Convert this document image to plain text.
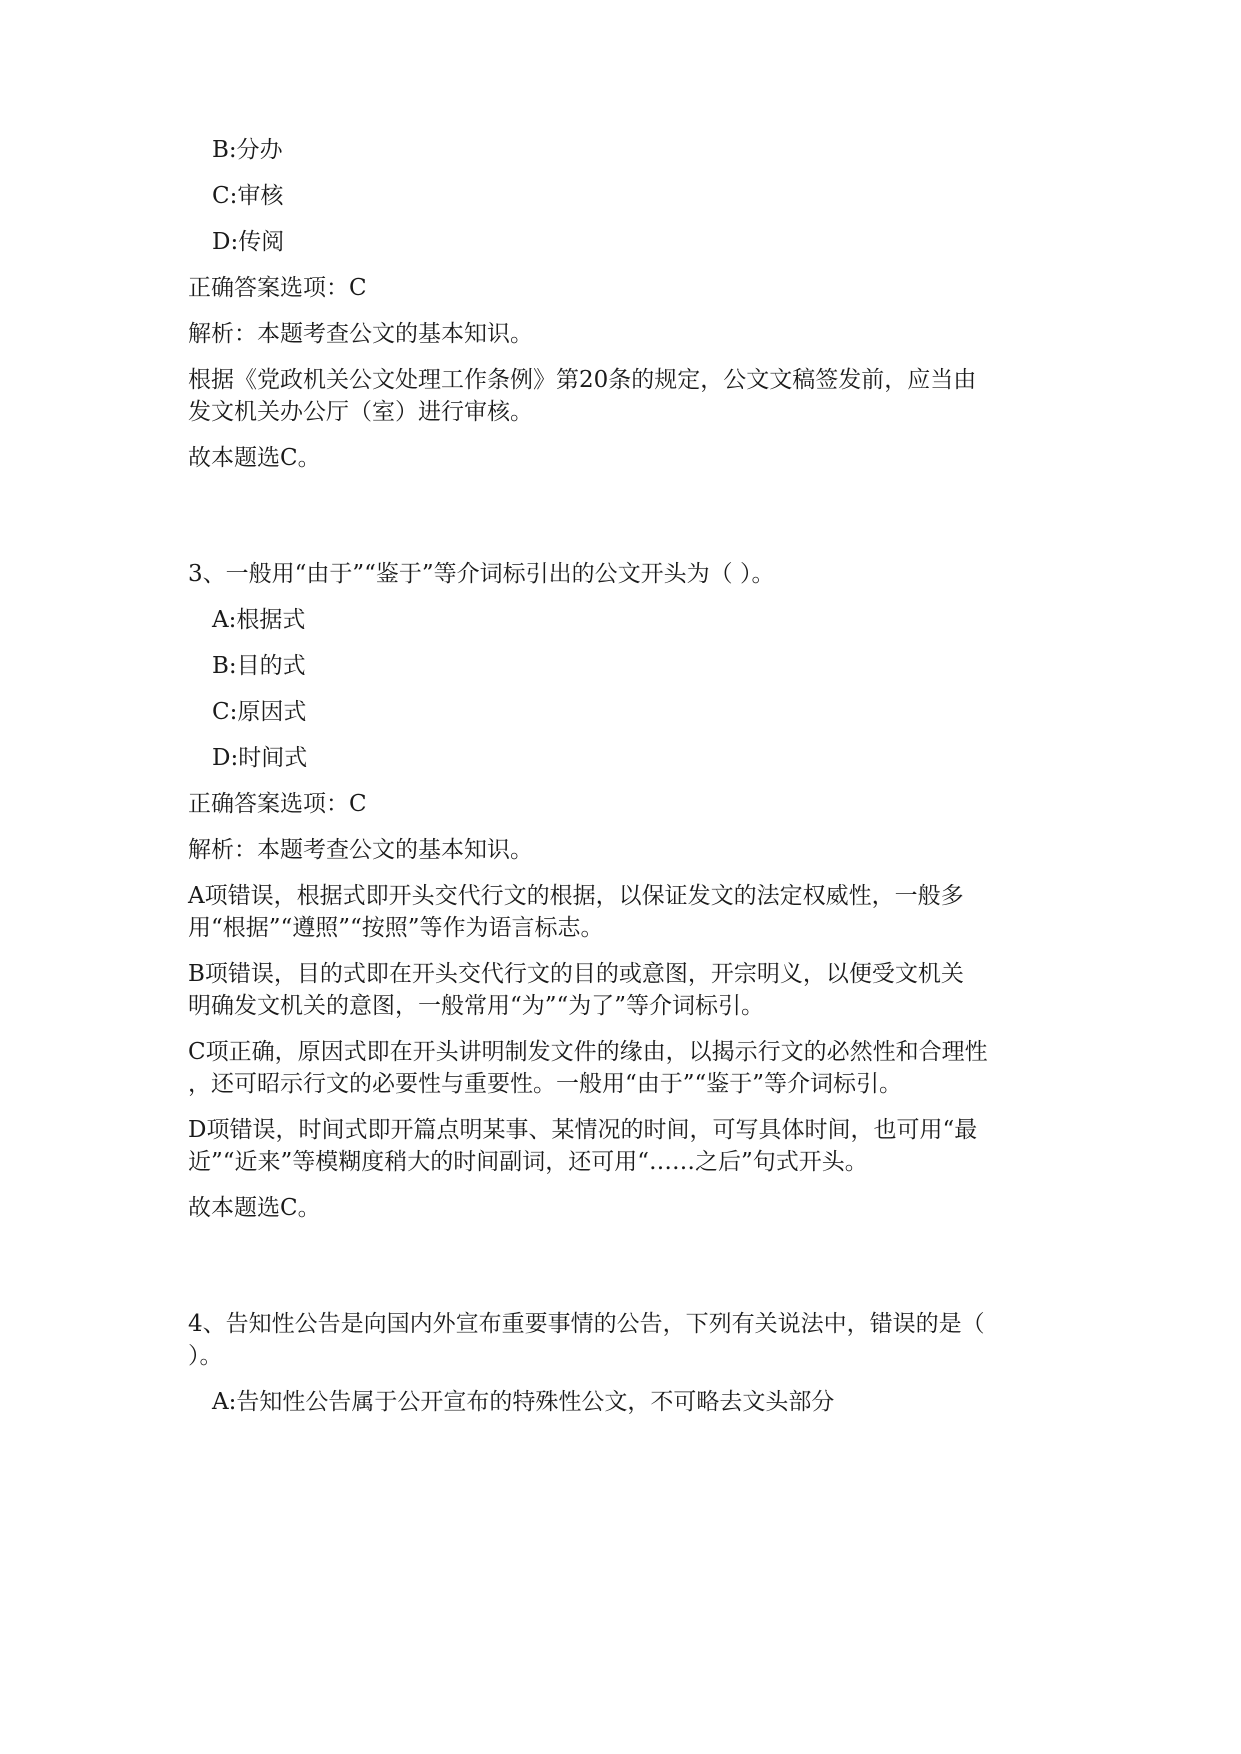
B:分办
C:审核
D:传阅
正确答案选项：C
解析：本题考查公文的基本知识。
根据《党政机关公文处理工作条例》第20条的规定，公文文稿签发前，应当由
发文机关办公厅（室）进行审核。
故本题选C。
3、一般用“由于”“鉴于”等介词标引出的公文开头为（ ）。
A:根据式
B:目的式
C:原因式
D:时间式
正确答案选项：C
解析：本题考查公文的基本知识。
A项错误，根据式即开头交代行文的根据，以保证发文的法定权威性，一般多
用“根据”“遵照”“按照”等作为语言标志。
B项错误，目的式即在开头交代行文的目的或意图，开宗明义，以便受文机关
明确发文机关的意图，一般常用“为”“为了”等介词标引。
C项正确，原因式即在开头讲明制发文件的缘由，以揭示行文的必然性和合理性
，还可昭示行文的必要性与重要性。一般用“由于”“鉴于”等介词标引。
D项错误，时间式即开篇点明某事、某情况的时间，可写具体时间，也可用“最
近”“近来”等模糊度稍大的时间副词，还可用“……之后”句式开头。
故本题选C。
4、告知性公告是向国内外宣布重要事情的公告，下列有关说法中，错误的是（
）。
A:告知性公告属于公开宣布的特殊性公文，不可略去文头部分
